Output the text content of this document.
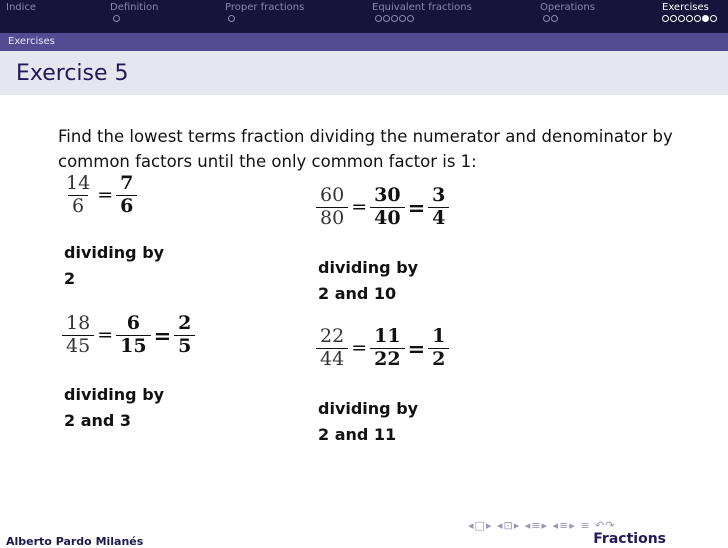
Indice	Definition	Proper fractions	Equivalent fractions	Operations	Exercises
Exercises
Exercise 5
Find the lowest terms fraction dividing the numerator and denominator by common factors until the only common factor is 1:
$\frac{14}{6} = \frac{7}{6}$
dividing by
2
$\frac{60}{80} = \frac{30}{40} = \frac{3}{4}$
dividing by
2 and 10
$\frac{18}{45} = \frac{6}{15} = \frac{2}{5}$
dividing by
2 and 3
$\frac{22}{44} = \frac{11}{22} = \frac{1}{2}$
dividing by
2 and 11
◂□▸ ◂⊡▸ ◂≡▸ ◂≡▸ ≡ ↶↷
Alberto Pardo Milanés	Fractions
